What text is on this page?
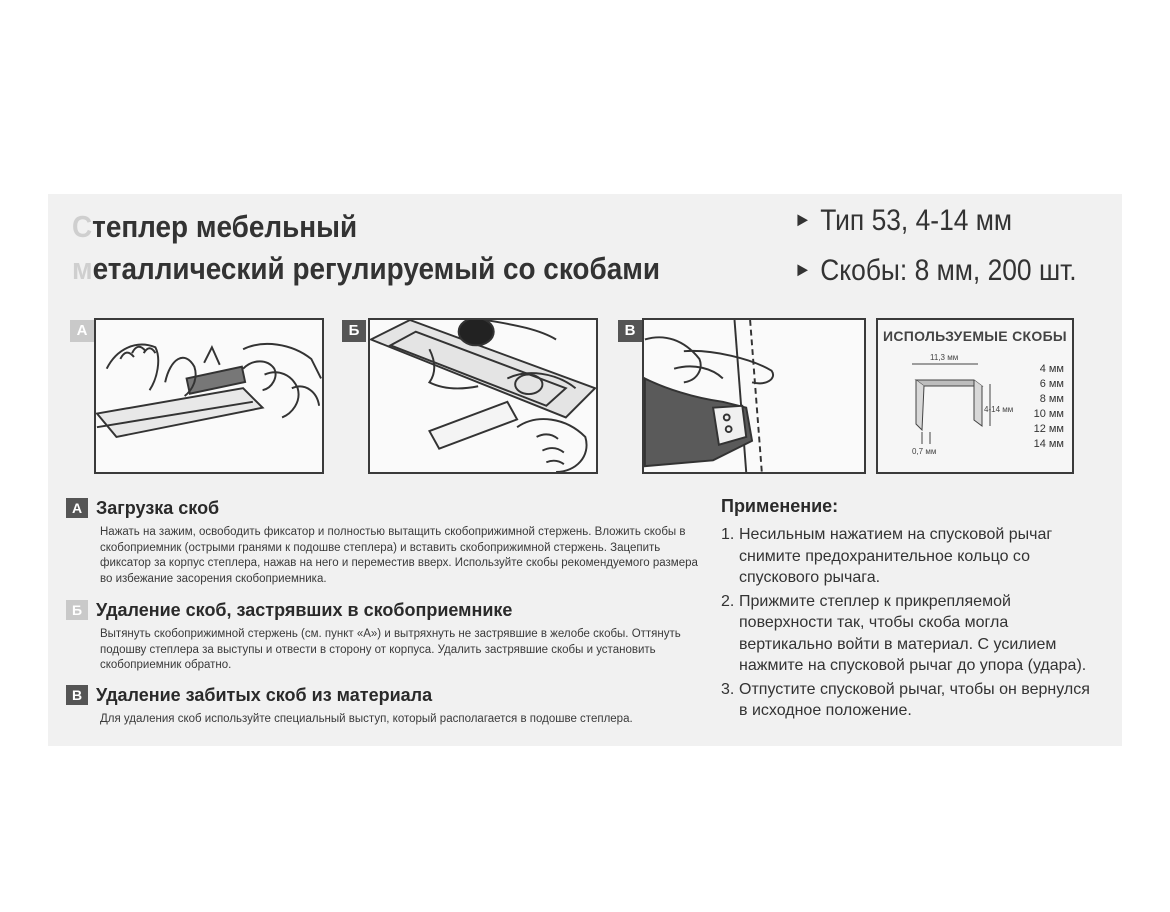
Степлер мебельный
металлический регулируемый со скобами
► Тип 53, 4-14 мм
► Скобы: 8 мм, 200 шт.
А	Б	В	ИСПОЛЬЗУЕМЫЕ СКОБЫ
11,3 мм
4-14 мм
0,7 мм
4 мм
6 мм
8 мм
10 мм
12 мм
14 мм
А Загрузка скоб
Нажать на зажим, освободить фиксатор и полностью вытащить скобоприжимной стержень. Вложить скобы в скобоприемник (острыми гранями к подошве степлера) и вставить скобоприжимной стержень. Зацепить фиксатор за корпус степлера, нажав на него и переместив вверх. Используйте скобы рекомендуемого размера во избежание засорения скобоприемника.
Б Удаление скоб, застрявших в скобоприемнике
Вытянуть скобоприжимной стержень (см. пункт «А») и вытряхнуть не застрявшие в желобе скобы. Оттянуть подошву степлера за выступы и отвести в сторону от корпуса. Удалить застрявшие скобы и установить скобоприемник обратно.
В Удаление забитых скоб из материала
Для удаления скоб используйте специальный выступ, который располагается в подошве степлера.
Применение:
1. Несильным нажатием на спусковой рычаг снимите предохранительное кольцо со спускового рычага.
2. Прижмите степлер к прикрепляемой поверхности так, чтобы скоба могла вертикально войти в материал. С усилием нажмите на спусковой рычаг до упора (удара).
3. Отпустите спусковой рычаг, чтобы он вернулся в исходное положение.
